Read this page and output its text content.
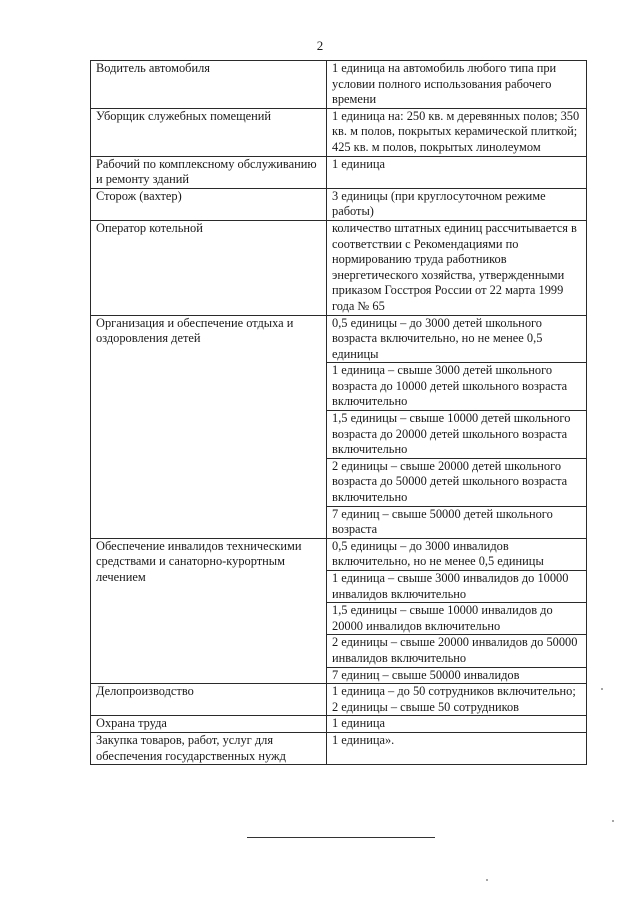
2
Водитель автомобиля	1 единица на автомобиль любого типа при условии полного использования рабочего времени
Уборщик служебных помещений	1 единица на: 250 кв. м деревянных полов; 350 кв. м полов, покрытых керамической плиткой; 425 кв. м полов, покрытых линолеумом
Рабочий по комплексному обслуживанию и ремонту зданий	1 единица
Сторож (вахтер)	3 единицы (при круглосуточном режиме работы)
Оператор котельной	количество штатных единиц рассчитывается в соответствии с Рекомендациями по нормированию труда работников энергетического хозяйства, утвержденными приказом Госстроя России от 22 марта 1999 года № 65
Организация и обеспечение отдыха и оздоровления детей	0,5 единицы – до 3000 детей школьного возраста включительно, но не менее 0,5 единицы
	1 единица – свыше 3000 детей школьного возраста до 10000 детей школьного возраста включительно
	1,5 единицы – свыше 10000 детей школьного возраста до 20000 детей школьного возраста включительно
	2 единицы – свыше 20000 детей школьного возраста до 50000 детей школьного возраста включительно
	7 единиц – свыше 50000 детей школьного возраста
Обеспечение инвалидов техническими средствами и санаторно-курортным лечением	0,5 единицы – до 3000 инвалидов включительно, но не менее 0,5 единицы
	1 единица – свыше 3000 инвалидов до 10000 инвалидов включительно
	1,5 единицы – свыше 10000 инвалидов до 20000 инвалидов включительно
	2 единицы – свыше 20000 инвалидов до 50000 инвалидов включительно
	7 единиц – свыше 50000 инвалидов
Делопроизводство	1 единица – до 50 сотрудников включительно; 2 единицы – свыше 50 сотрудников
Охрана труда	1 единица
Закупка товаров, работ, услуг для обеспечения государственных нужд	1 единица».
